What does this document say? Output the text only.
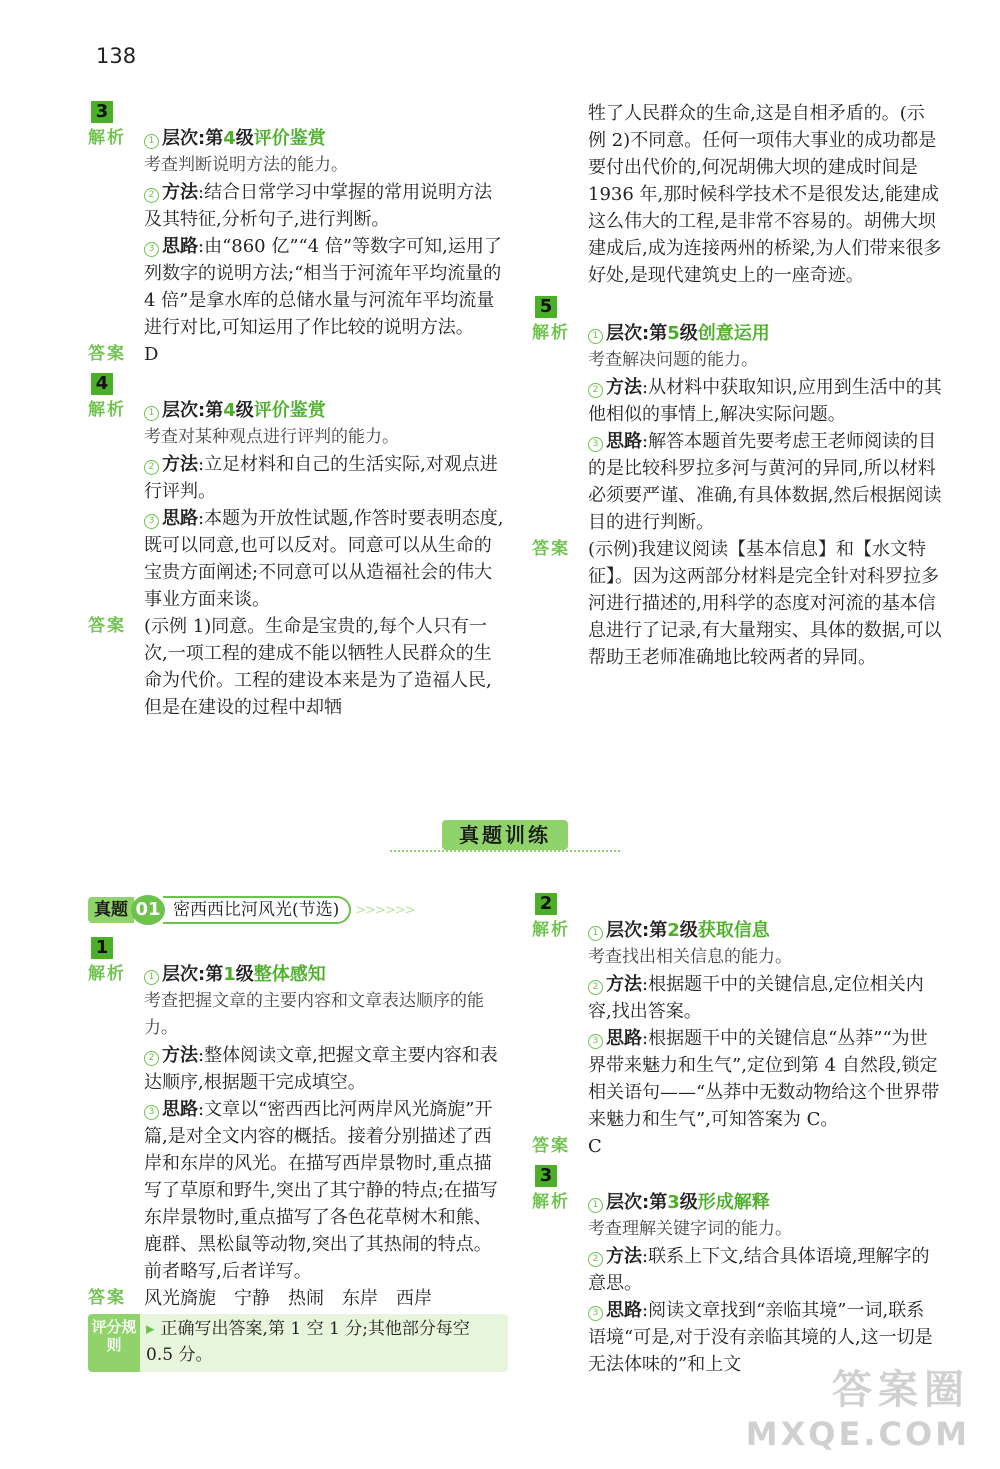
138
3
解析	1 层次:第4级评价鉴赏
考查判断说明方法的能力。
2 方法:结合日常学习中掌握的常用说明方法及其特征,分析句子,进行判断。
3 思路:由“860 亿”“4 倍”等数字可知,运用了列数字的说明方法;“相当于河流年平均流量的 4 倍”是拿水库的总储水量与河流年平均流量进行对比,可知运用了作比较的说明方法。
答案	D
4
解析	1 层次:第4级评价鉴赏
考查对某种观点进行评判的能力。
2 方法:立足材料和自己的生活实际,对观点进行评判。
3 思路:本题为开放性试题,作答时要表明态度,既可以同意,也可以反对。同意可以从生命的宝贵方面阐述;不同意可以从造福社会的伟大事业方面来谈。
答案	(示例 1)同意。生命是宝贵的,每个人只有一次,一项工程的建成不能以牺牲人民群众的生命为代价。工程的建设本来是为了造福人民,但是在建设的过程中却牺
牲了人民群众的生命,这是自相矛盾的。(示例 2)不同意。任何一项伟大事业的成功都是要付出代价的,何况胡佛大坝的建成时间是 1936 年,那时候科学技术不是很发达,能建成这么伟大的工程,是非常不容易的。胡佛大坝建成后,成为连接两州的桥梁,为人们带来很多好处,是现代建筑史上的一座奇迹。
5
解析	1 层次:第5级创意运用
考查解决问题的能力。
2 方法:从材料中获取知识,应用到生活中的其他相似的事情上,解决实际问题。
3 思路:解答本题首先要考虑王老师阅读的目的是比较科罗拉多河与黄河的异同,所以材料必须要严谨、准确,有具体数据,然后根据阅读目的进行判断。
答案	(示例)我建议阅读【基本信息】和【水文特征】。因为这两部分材料是完全针对科罗拉多河进行描述的,用科学的态度对河流的基本信息进行了记录,有大量翔实、具体的数据,可以帮助王老师准确地比较两者的异同。
真题训练
真题 01 密西西比河风光(节选)	>>>>>>
1
解析	1 层次:第1级整体感知
考查把握文章的主要内容和文章表达顺序的能力。
2 方法:整体阅读文章,把握文章主要内容和表达顺序,根据题干完成填空。
3 思路:文章以“密西西比河两岸风光旖旎”开篇,是对全文内容的概括。接着分别描述了西岸和东岸的风光。在描写西岸景物时,重点描写了草原和野牛,突出了其宁静的特点;在描写东岸景物时,重点描写了各色花草树木和熊、鹿群、黑松鼠等动物,突出了其热闹的特点。前者略写,后者详写。
答案	风光旖旎　宁静　热闹　东岸　西岸
评分规则
▸ 正确写出答案,第 1 空 1 分;其他部分每空 0.5 分。
2
解析	1 层次:第2级获取信息
考查找出相关信息的能力。
2 方法:根据题干中的关键信息,定位相关内容,找出答案。
3 思路:根据题干中的关键信息“丛莽”“为世界带来魅力和生气”,定位到第 4 自然段,锁定相关语句——“丛莽中无数动物给这个世界带来魅力和生气”,可知答案为 C。
答案	C
3
解析	1 层次:第3级形成解释
考查理解关键字词的能力。
2 方法:联系上下文,结合具体语境,理解字的意思。
3 思路:阅读文章找到“亲临其境”一词,联系语境“可是,对于没有亲临其境的人,这一切是无法体味的”和上文
答案圈
MXQE.COM
